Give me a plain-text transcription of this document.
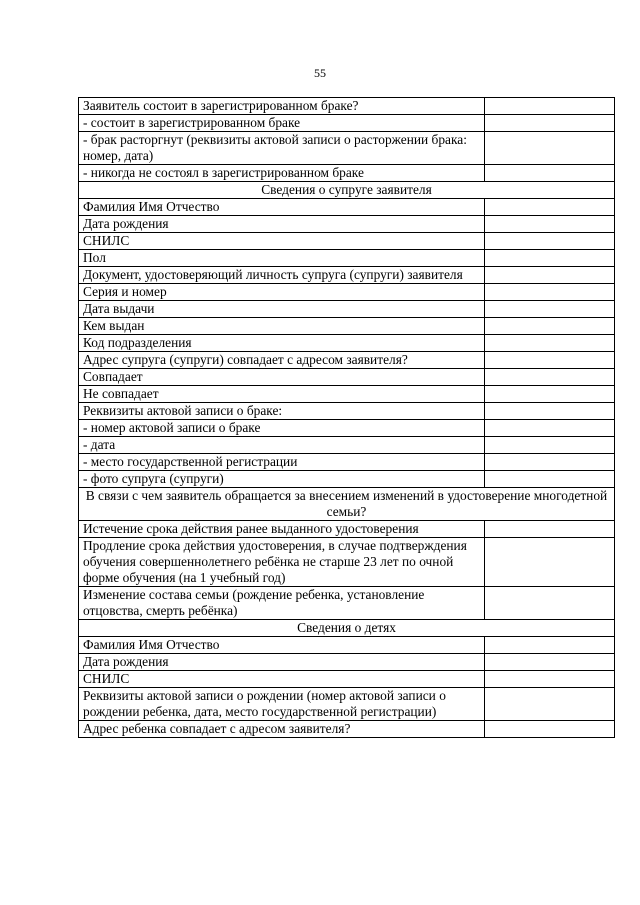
55
Заявитель состоит в зарегистрированном браке?	
- состоит в зарегистрированном браке	
- брак расторгнут (реквизиты актовой записи о расторжении брака: номер, дата)	
- никогда не состоял в зарегистрированном браке	
Сведения о супруге заявителя	
Фамилия Имя Отчество	
Дата рождения	
СНИЛС	
Пол	
Документ, удостоверяющий личность супруга (супруги) заявителя	
Серия и номер	
Дата выдачи	
Кем выдан	
Код подразделения	
Адрес супруга (супруги) совпадает с адресом заявителя?	
Совпадает	
Не совпадает	
Реквизиты актовой записи о браке:	
- номер актовой записи о браке	
- дата	
- место государственной регистрации	
- фото супруга (супруги)	
В связи с чем заявитель обращается за внесением изменений в удостоверение многодетной семьи?	
Истечение срока действия ранее выданного удостоверения	
Продление срока действия удостоверения, в случае подтверждения обучения совершеннолетнего ребёнка не старше 23 лет по очной форме обучения (на 1 учебный год)	
Изменение состава семьи (рождение ребенка, установление отцовства, смерть ребёнка)	
Сведения о детях	
Фамилия Имя Отчество	
Дата рождения	
СНИЛС	
Реквизиты актовой записи о рождении (номер актовой записи о рождении ребенка, дата, место государственной регистрации)	
Адрес ребенка совпадает с адресом заявителя?	
